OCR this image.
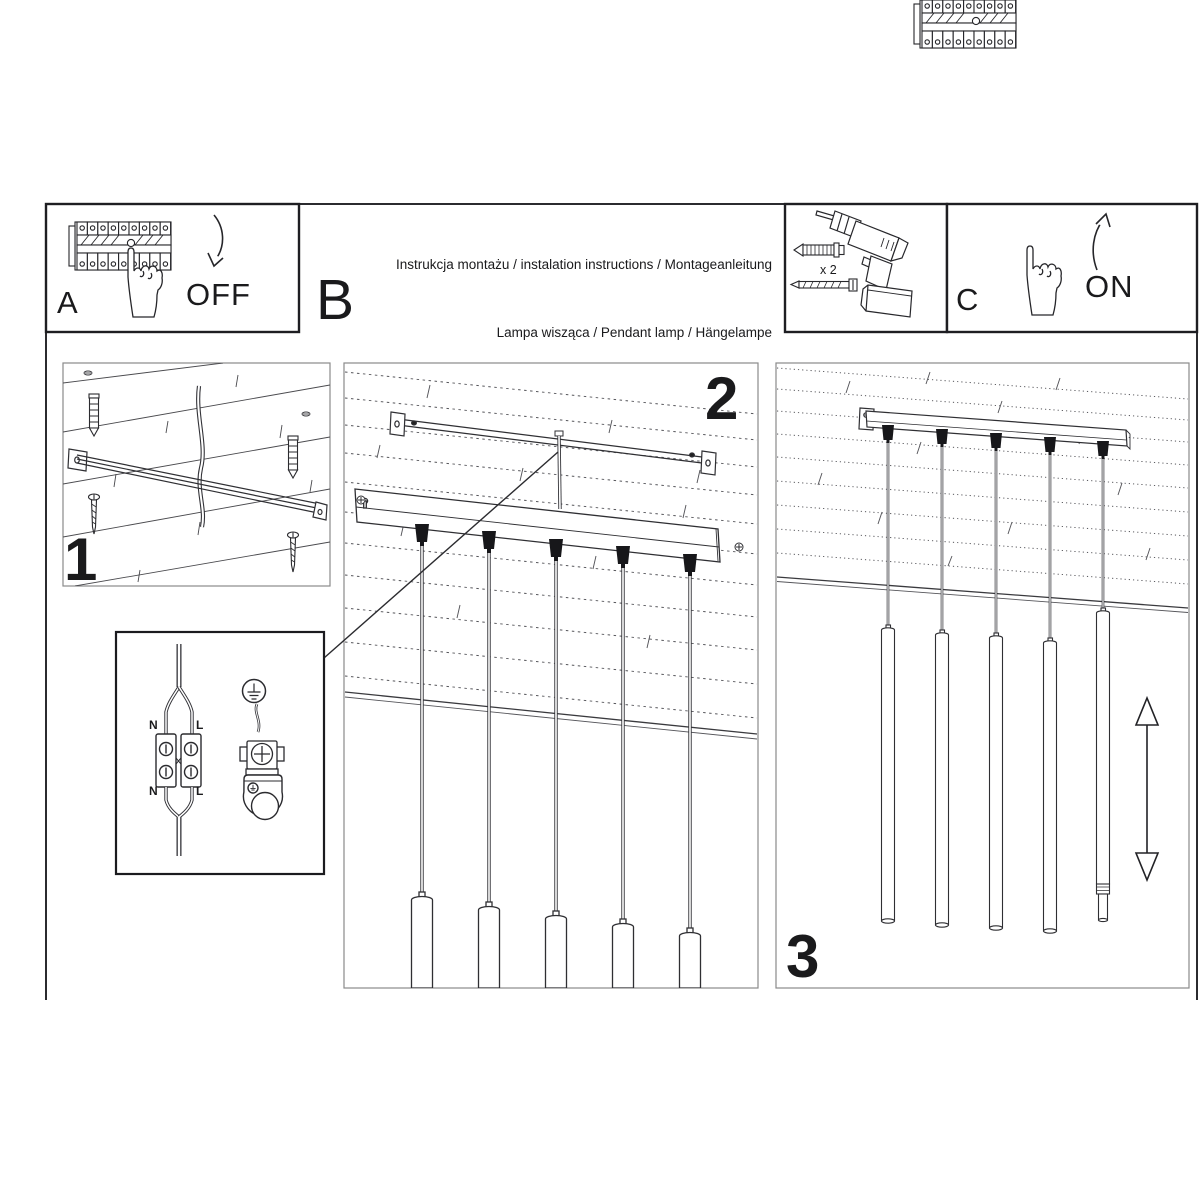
Instrukcja montażu / instalation instructions / Montageanleitung

Lampa wisząca / Pendant lamp / Hängelampe

B
A	OFF	C	ON
x 2
1
2
3
N	L
N	L
